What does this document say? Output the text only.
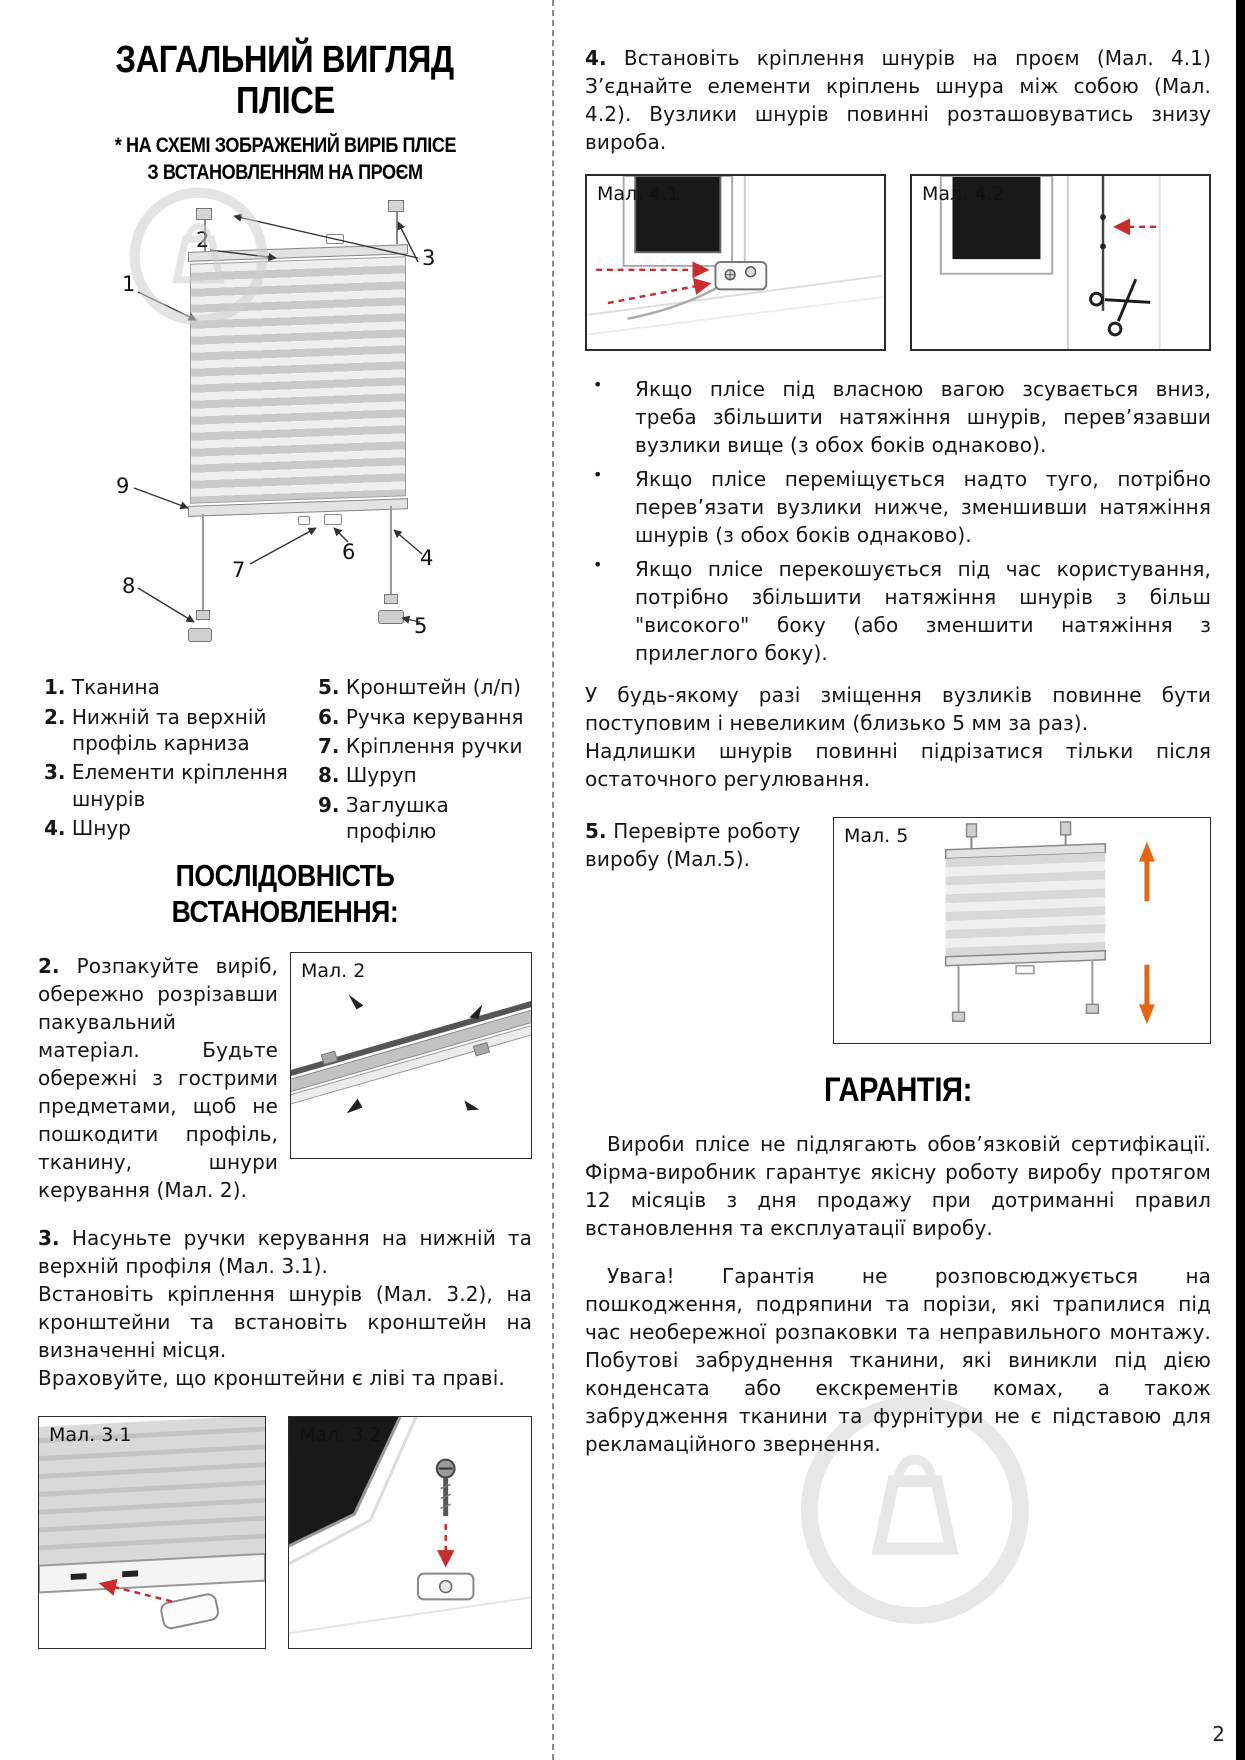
ЗАГАЛЬНИЙ ВИГЛЯД
ПЛІСЕ
* НА СХЕМІ ЗОБРАЖЕНИЙ ВИРІБ ПЛІСЕ
З ВСТАНОВЛЕННЯМ НА ПРОЄМ
1
2
3
9
6
7	4
8
5
1. Тканина
2. Нижній та верхній профіль карниза
3. Елементи кріплення шнурів
4. Шнур
5. Кронштейн (л/п)
6. Ручка керування
7. Кріплення ручки
8. Шуруп
9. Заглушка профілю
ПОСЛІДОВНІСТЬ ВСТАНОВЛЕННЯ:
2. Розпакуйте виріб, обережно розрізавши пакувальний матеріал. Будьте обережні з гострими предметами, щоб не пошкодити профіль, тканину, шнури керування (Мал. 2).
Мал. 2
3. Насуньте ручки керування на нижній та верхній профіля (Мал. 3.1).
Встановіть кріплення шнурів (Мал. 3.2), на кронштейни та встановіть кронштейн на визначенні місця.
Враховуйте, що кронштейни є ліві та праві.
Мал. 3.1	Мал. 3.2
4. Встановіть кріплення шнурів на проєм (Мал. 4.1) З’єднайте елементи кріплень шнура між собою (Мал. 4.2). Вузлики шнурів повинні розташовуватись знизу вироба.
Мал. 4.1	Мал. 4.2
•	Якщо плісе під власною вагою зсувається вниз, треба збільшити натяжіння шнурів, перев’язавши вузлики вище (з обох боків однаково).
•	Якщо плісе переміщується надто туго, потрібно перев’язати вузлики нижче, зменшивши натяжіння шнурів (з обох боків однаково).
•	Якщо плісе перекошується під час користування, потрібно збільшити натяжіння шнурів з більш "високого" боку (або зменшити натяжіння з прилеглого боку).
У будь-якому разі зміщення вузликів повинне бути поступовим і невеликим (близько 5 мм за раз).
Надлишки шнурів повинні підрізатися тільки після остаточного регулювання.
5. Перевірте роботу виробу (Мал.5).
Мал. 5
ГАРАНТІЯ:
Вироби плісе не підлягають обов’язковій сертифікації. Фірма-виробник гарантує якісну роботу виробу протягом 12 місяців з дня продажу при дотриманні правил встановлення та експлуатації виробу.
Увага! Гарантія не розповсюджується на пошкодження, подряпини та порізи, які трапилися під час необережної розпаковки та неправильного монтажу. Побутові забруднення тканини, які виникли під дією конденсата або екскрементів комах, а також забрудження тканини та фурнітури не є підставою для рекламаційного звернення.
2
